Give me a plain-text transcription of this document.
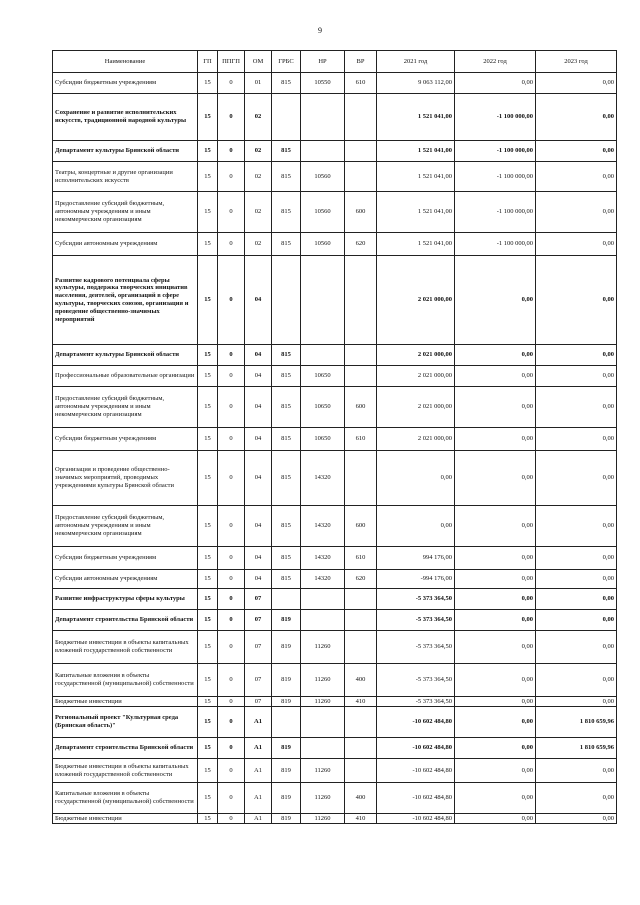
9
Наименование	ГП	ППГП	ОМ	ГРБС	НР	ВР	2021 год	2022 год	2023 год
Субсидии бюджетным учреждениям	15	0	01	815	10550	610	9 063 112,00	0,00	0,00
Сохранение и развитие исполнительских искусств, традиционной народной культуры	15	0	02				1 521 041,00	-1 100 000,00	0,00
Департамент культуры Брянской области	15	0	02	815			1 521 041,00	-1 100 000,00	0,00
Театры, концертные и другие организации исполнительских искусств	15	0	02	815	10560		1 521 041,00	-1 100 000,00	0,00
Предоставление субсидий бюджетным, автономным учреждениям и иным некоммерческим организациям	15	0	02	815	10560	600	1 521 041,00	-1 100 000,00	0,00
Субсидии автономным учреждениям	15	0	02	815	10560	620	1 521 041,00	-1 100 000,00	0,00
Развитие кадрового потенциала сферы культуры, поддержка творческих инициатив населения, деятелей, организаций в сфере культуры, творческих союзов, организация и проведение общественно-значимых мероприятий	15	0	04				2 021 000,00	0,00	0,00
Департамент культуры Брянской области	15	0	04	815			2 021 000,00	0,00	0,00
Профессиональные образовательные организации	15	0	04	815	10650		2 021 000,00	0,00	0,00
Предоставление субсидий бюджетным, автономным учреждениям и иным некоммерческим организациям	15	0	04	815	10650	600	2 021 000,00	0,00	0,00
Субсидии бюджетным учреждениям	15	0	04	815	10650	610	2 021 000,00	0,00	0,00
Организация и проведение общественно-значимых мероприятий, проводимых учреждениями культуры Брянской области	15	0	04	815	14320		0,00	0,00	0,00
Предоставление субсидий бюджетным, автономным учреждениям и иным некоммерческим организациям	15	0	04	815	14320	600	0,00	0,00	0,00
Субсидии бюджетным учреждениям	15	0	04	815	14320	610	994 176,00	0,00	0,00
Субсидии автономным учреждениям	15	0	04	815	14320	620	-994 176,00	0,00	0,00
Развитие инфраструктуры сферы культуры	15	0	07				-5 373 364,50	0,00	0,00
Департамент строительства Брянской области	15	0	07	819			-5 373 364,50	0,00	0,00
Бюджетные инвестиции в объекты капитальных вложений государственной собственности	15	0	07	819	11260		-5 373 364,50	0,00	0,00
Капитальные вложения в объекты государственной (муниципальной) собственности	15	0	07	819	11260	400	-5 373 364,50	0,00	0,00
Бюджетные инвестиции	15	0	07	819	11260	410	-5 373 364,50	0,00	0,00
Региональный проект "Культурная среда (Брянская область)"	15	0	A1				-10 602 484,80	0,00	1 810 659,96
Департамент строительства Брянской области	15	0	A1	819			-10 602 484,80	0,00	1 810 659,96
Бюджетные инвестиции в объекты капитальных вложений государственной собственности	15	0	A1	819	11260		-10 602 484,80	0,00	0,00
Капитальные вложения в объекты государственной (муниципальной) собственности	15	0	A1	819	11260	400	-10 602 484,80	0,00	0,00
Бюджетные инвестиции	15	0	A1	819	11260	410	-10 602 484,80	0,00	0,00
